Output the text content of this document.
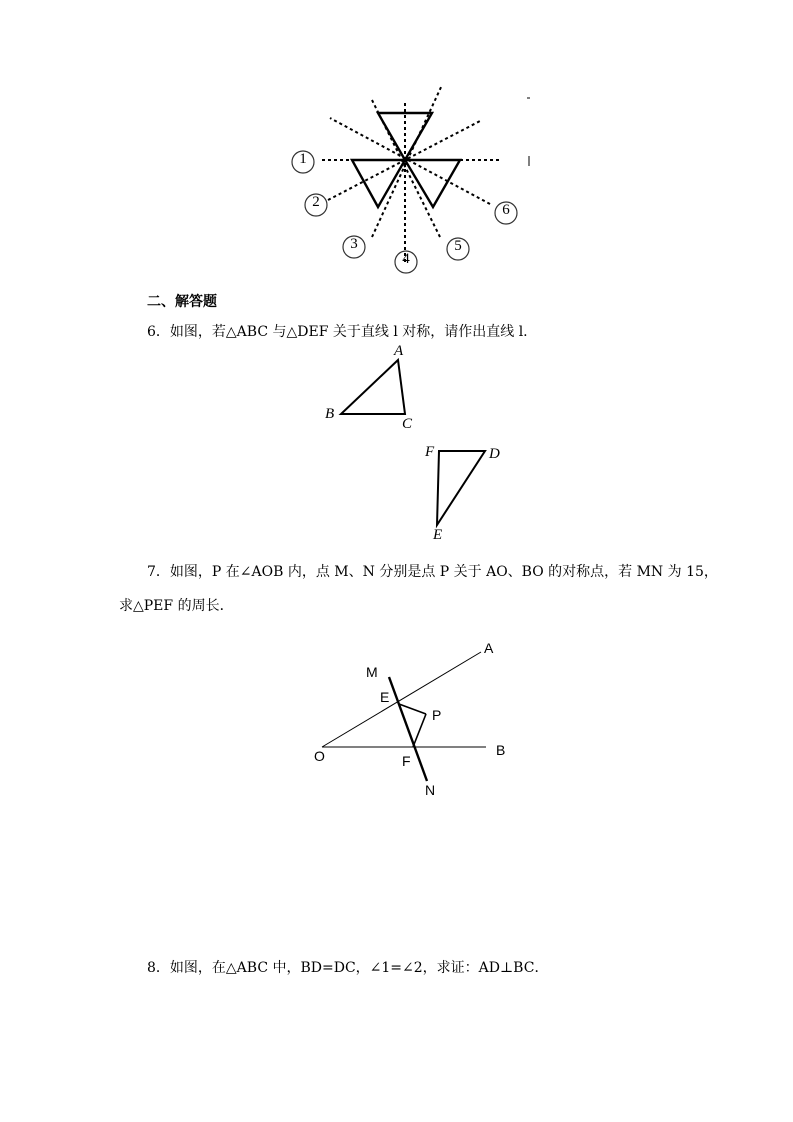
1
2
3
4
5
6
二、解答题
6．如图，若△ABC 与△DEF 关于直线 l 对称，请作出直线 l.
A
B
C
F	D
E
7．如图，P 在∠AOB 内，点 M、N 分别是点 P 关于 AO、BO 的对称点，若 MN 为 15，
求△PEF 的周长．
A
M
E
P
O	B
F
N
8．如图，在△ABC 中，BD=DC，∠1=∠2，求证：AD⊥BC．
